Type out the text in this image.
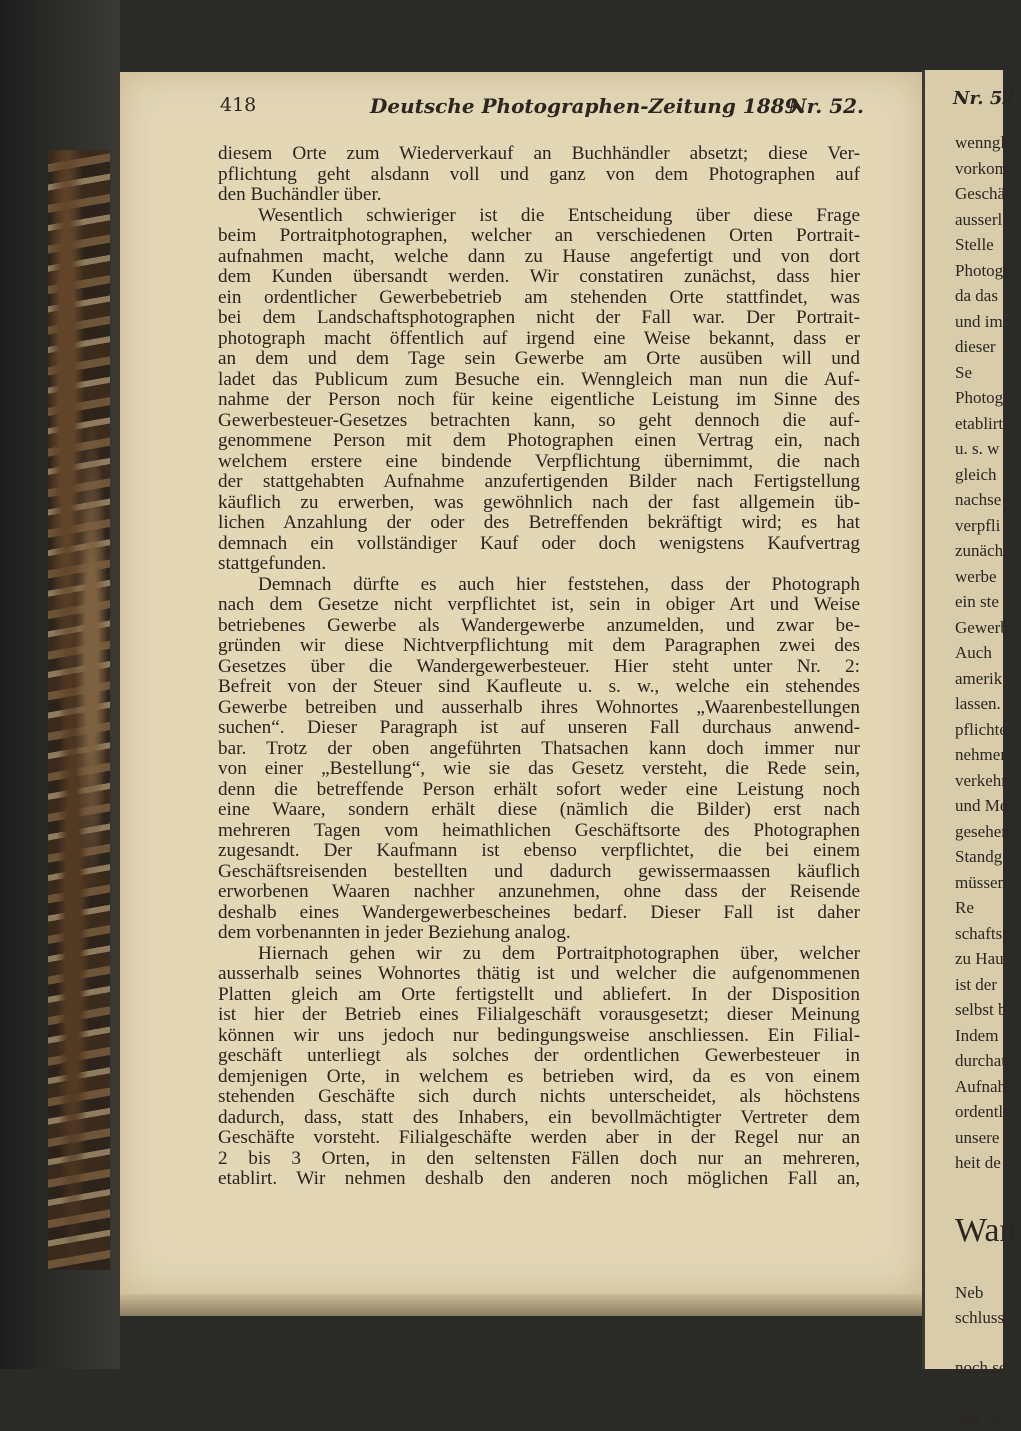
418	Deutsche Photographen-Zeitung 1889.
Nr. 52.
diesem Orte zum Wiederverkauf an Buchhändler absetzt; diese Ver-
pflichtung geht alsdann voll und ganz von dem Photographen auf
den Buchändler über.
Wesentlich schwieriger ist die Entscheidung über diese Frage
beim Portraitphotographen, welcher an verschiedenen Orten Portrait-
aufnahmen macht, welche dann zu Hause angefertigt und von dort
dem Kunden übersandt werden. Wir constatiren zunächst, dass hier
ein ordentlicher Gewerbebetrieb am stehenden Orte stattfindet, was
bei dem Landschaftsphotographen nicht der Fall war. Der Portrait-
photograph macht öffentlich auf irgend eine Weise bekannt, dass er
an dem und dem Tage sein Gewerbe am Orte ausüben will und
ladet das Publicum zum Besuche ein. Wenngleich man nun die Auf-
nahme der Person noch für keine eigentliche Leistung im Sinne des
Gewerbesteuer-Gesetzes betrachten kann, so geht dennoch die auf-
genommene Person mit dem Photographen einen Vertrag ein, nach
welchem erstere eine bindende Verpflichtung übernimmt, die nach
der stattgehabten Aufnahme anzufertigenden Bilder nach Fertigstellung
käuflich zu erwerben, was gewöhnlich nach der fast allgemein üb-
lichen Anzahlung der oder des Betreffenden bekräftigt wird; es hat
demnach ein vollständiger Kauf oder doch wenigstens Kaufvertrag
stattgefunden.
Demnach dürfte es auch hier feststehen, dass der Photograph
nach dem Gesetze nicht verpflichtet ist, sein in obiger Art und Weise
betriebenes Gewerbe als Wandergewerbe anzumelden, und zwar be-
gründen wir diese Nichtverpflichtung mit dem Paragraphen zwei des
Gesetzes über die Wandergewerbesteuer. Hier steht unter Nr. 2:
Befreit von der Steuer sind Kaufleute u. s. w., welche ein stehendes
Gewerbe betreiben und ausserhalb ihres Wohnortes „Waarenbestellungen
suchen“. Dieser Paragraph ist auf unseren Fall durchaus anwend-
bar. Trotz der oben angeführten Thatsachen kann doch immer nur
von einer „Bestellung“, wie sie das Gesetz versteht, die Rede sein,
denn die betreffende Person erhält sofort weder eine Leistung noch
eine Waare, sondern erhält diese (nämlich die Bilder) erst nach
mehreren Tagen vom heimathlichen Geschäftsorte des Photographen
zugesandt. Der Kaufmann ist ebenso verpflichtet, die bei einem
Geschäftsreisenden bestellten und dadurch gewissermaassen käuflich
erworbenen Waaren nachher anzunehmen, ohne dass der Reisende
deshalb eines Wandergewerbescheines bedarf. Dieser Fall ist daher
dem vorbenannten in jeder Beziehung analog.
Hiernach gehen wir zu dem Portraitphotographen über, welcher
ausserhalb seines Wohnortes thätig ist und welcher die aufgenommenen
Platten gleich am Orte fertigstellt und abliefert. In der Disposition
ist hier der Betrieb eines Filialgeschäft vorausgesetzt; dieser Meinung
können wir uns jedoch nur bedingungsweise anschliessen. Ein Filial-
geschäft unterliegt als solches der ordentlichen Gewerbesteuer in
demjenigen Orte, in welchem es betrieben wird, da es von einem
stehenden Geschäfte sich durch nichts unterscheidet, als höchstens
dadurch, dass, statt des Inhabers, ein bevollmächtigter Vertreter dem
Geschäfte vorsteht. Filialgeschäfte werden aber in der Regel nur an
2 bis 3 Orten, in den seltensten Fällen doch nur an mehreren,
etablirt. Wir nehmen deshalb den anderen noch möglichen Fall an,
Nr. 52.
wenngl
vorkom
Geschä
ausserl
Stelle
Photogr
da das
und im
dieser
Se
Photog
etablirt
u. s. w
gleich
nachse
verpfli
zunäch
werbe
ein ste
Gewerb
Auch
amerik
lassen.
pflichte
nehmer
verkehr
und Me
gesehen
Standg
müssen
Re
schaftsp
zu Hau
ist der
selbst b
Indem
durchau
Aufnah
ordentl
unsere
heit de
Wan
Neb
schluss
noch se
sich no
und vor
